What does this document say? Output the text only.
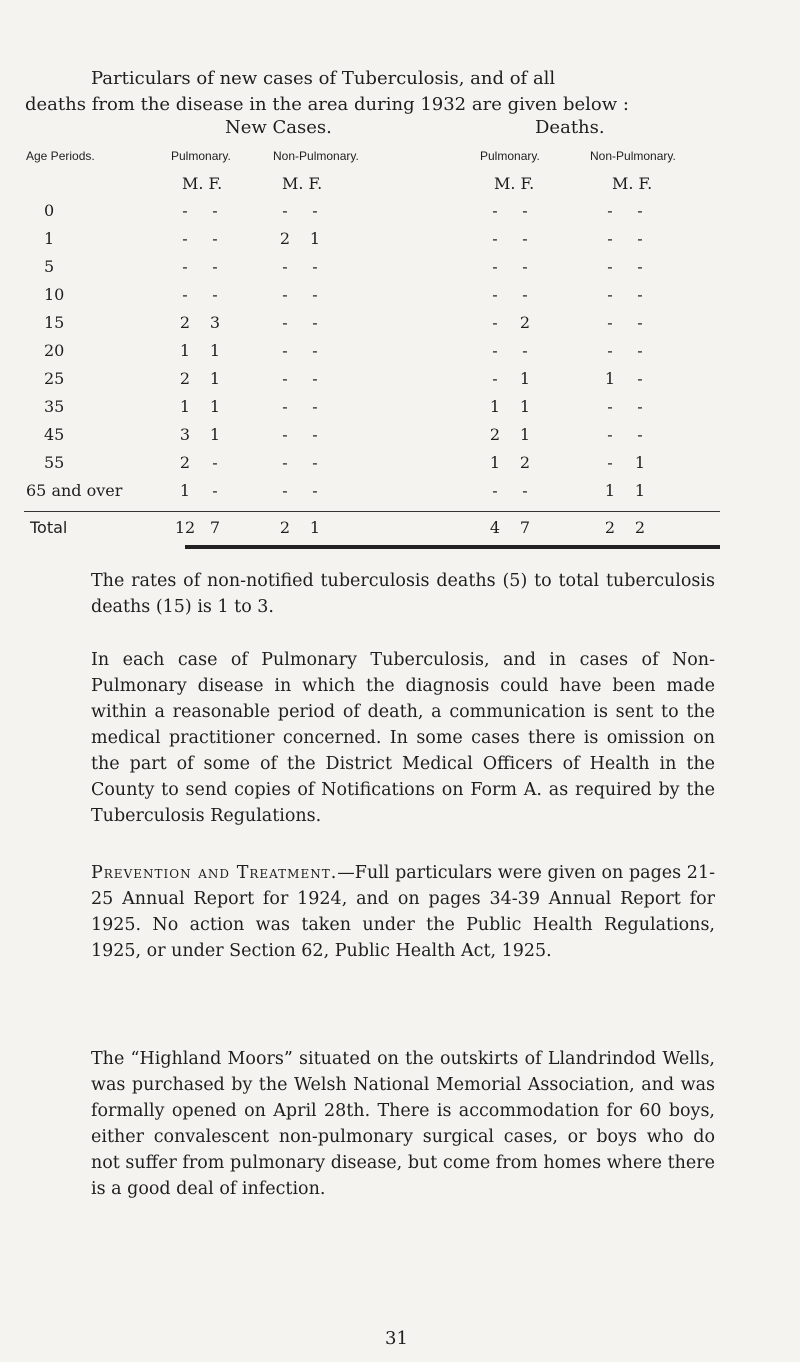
Particulars of new cases of Tuberculosis, and of all
deaths from the disease in the area during 1932 are given below :
New Cases.	Deaths.
Age Periods.	Pulmonary.	Non-Pulmonary.	Pulmonary.	Non-Pulmonary.
M. F.	M. F.	M. F.	M. F.
0	-	-	-	-	-	-	-	-
1	-	-	2	1	-	-	-	-
5	-	-	-	-	-	-	-	-
10	-	-	-	-	-	-	-	-
15	2	3	-	-	-	2	-	-
20	1	1	-	-	-	-	-	-
25	2	1	-	-	-	1	1	-
35	1	1	-	-	1	1	-	-
45	3	1	-	-	2	1	-	-
55	2	-	-	-	1	2	-	1
65 and over	1	-	-	-	-	-	1	1
Total	12 7	2	1	4	7	2	2
The rates of non-notified tuberculosis deaths (5) to total tuberculosis deaths (15) is 1 to 3.
In each case of Pulmonary Tuberculosis, and in cases of Non-Pulmonary disease in which the diagnosis could have been made within a reasonable period of death, a communication is sent to the medical practitioner concerned. In some cases there is omission on the part of some of the District Medical Officers of Health in the County to send copies of Notifications on Form A. as required by the Tuberculosis Regulations.
Prevention and Treatment.—Full particulars were given on pages 21-25 Annual Report for 1924, and on pages 34-39 Annual Report for 1925. No action was taken under the Public Health Regulations, 1925, or under Section 62, Public Health Act, 1925.
The “Highland Moors” situated on the outskirts of Llandrindod Wells, was purchased by the Welsh National Memorial Association, and was formally opened on April 28th. There is accommodation for 60 boys, either convalescent non-pulmonary surgical cases, or boys who do not suffer from pulmonary disease, but come from homes where there is a good deal of infection.
31
